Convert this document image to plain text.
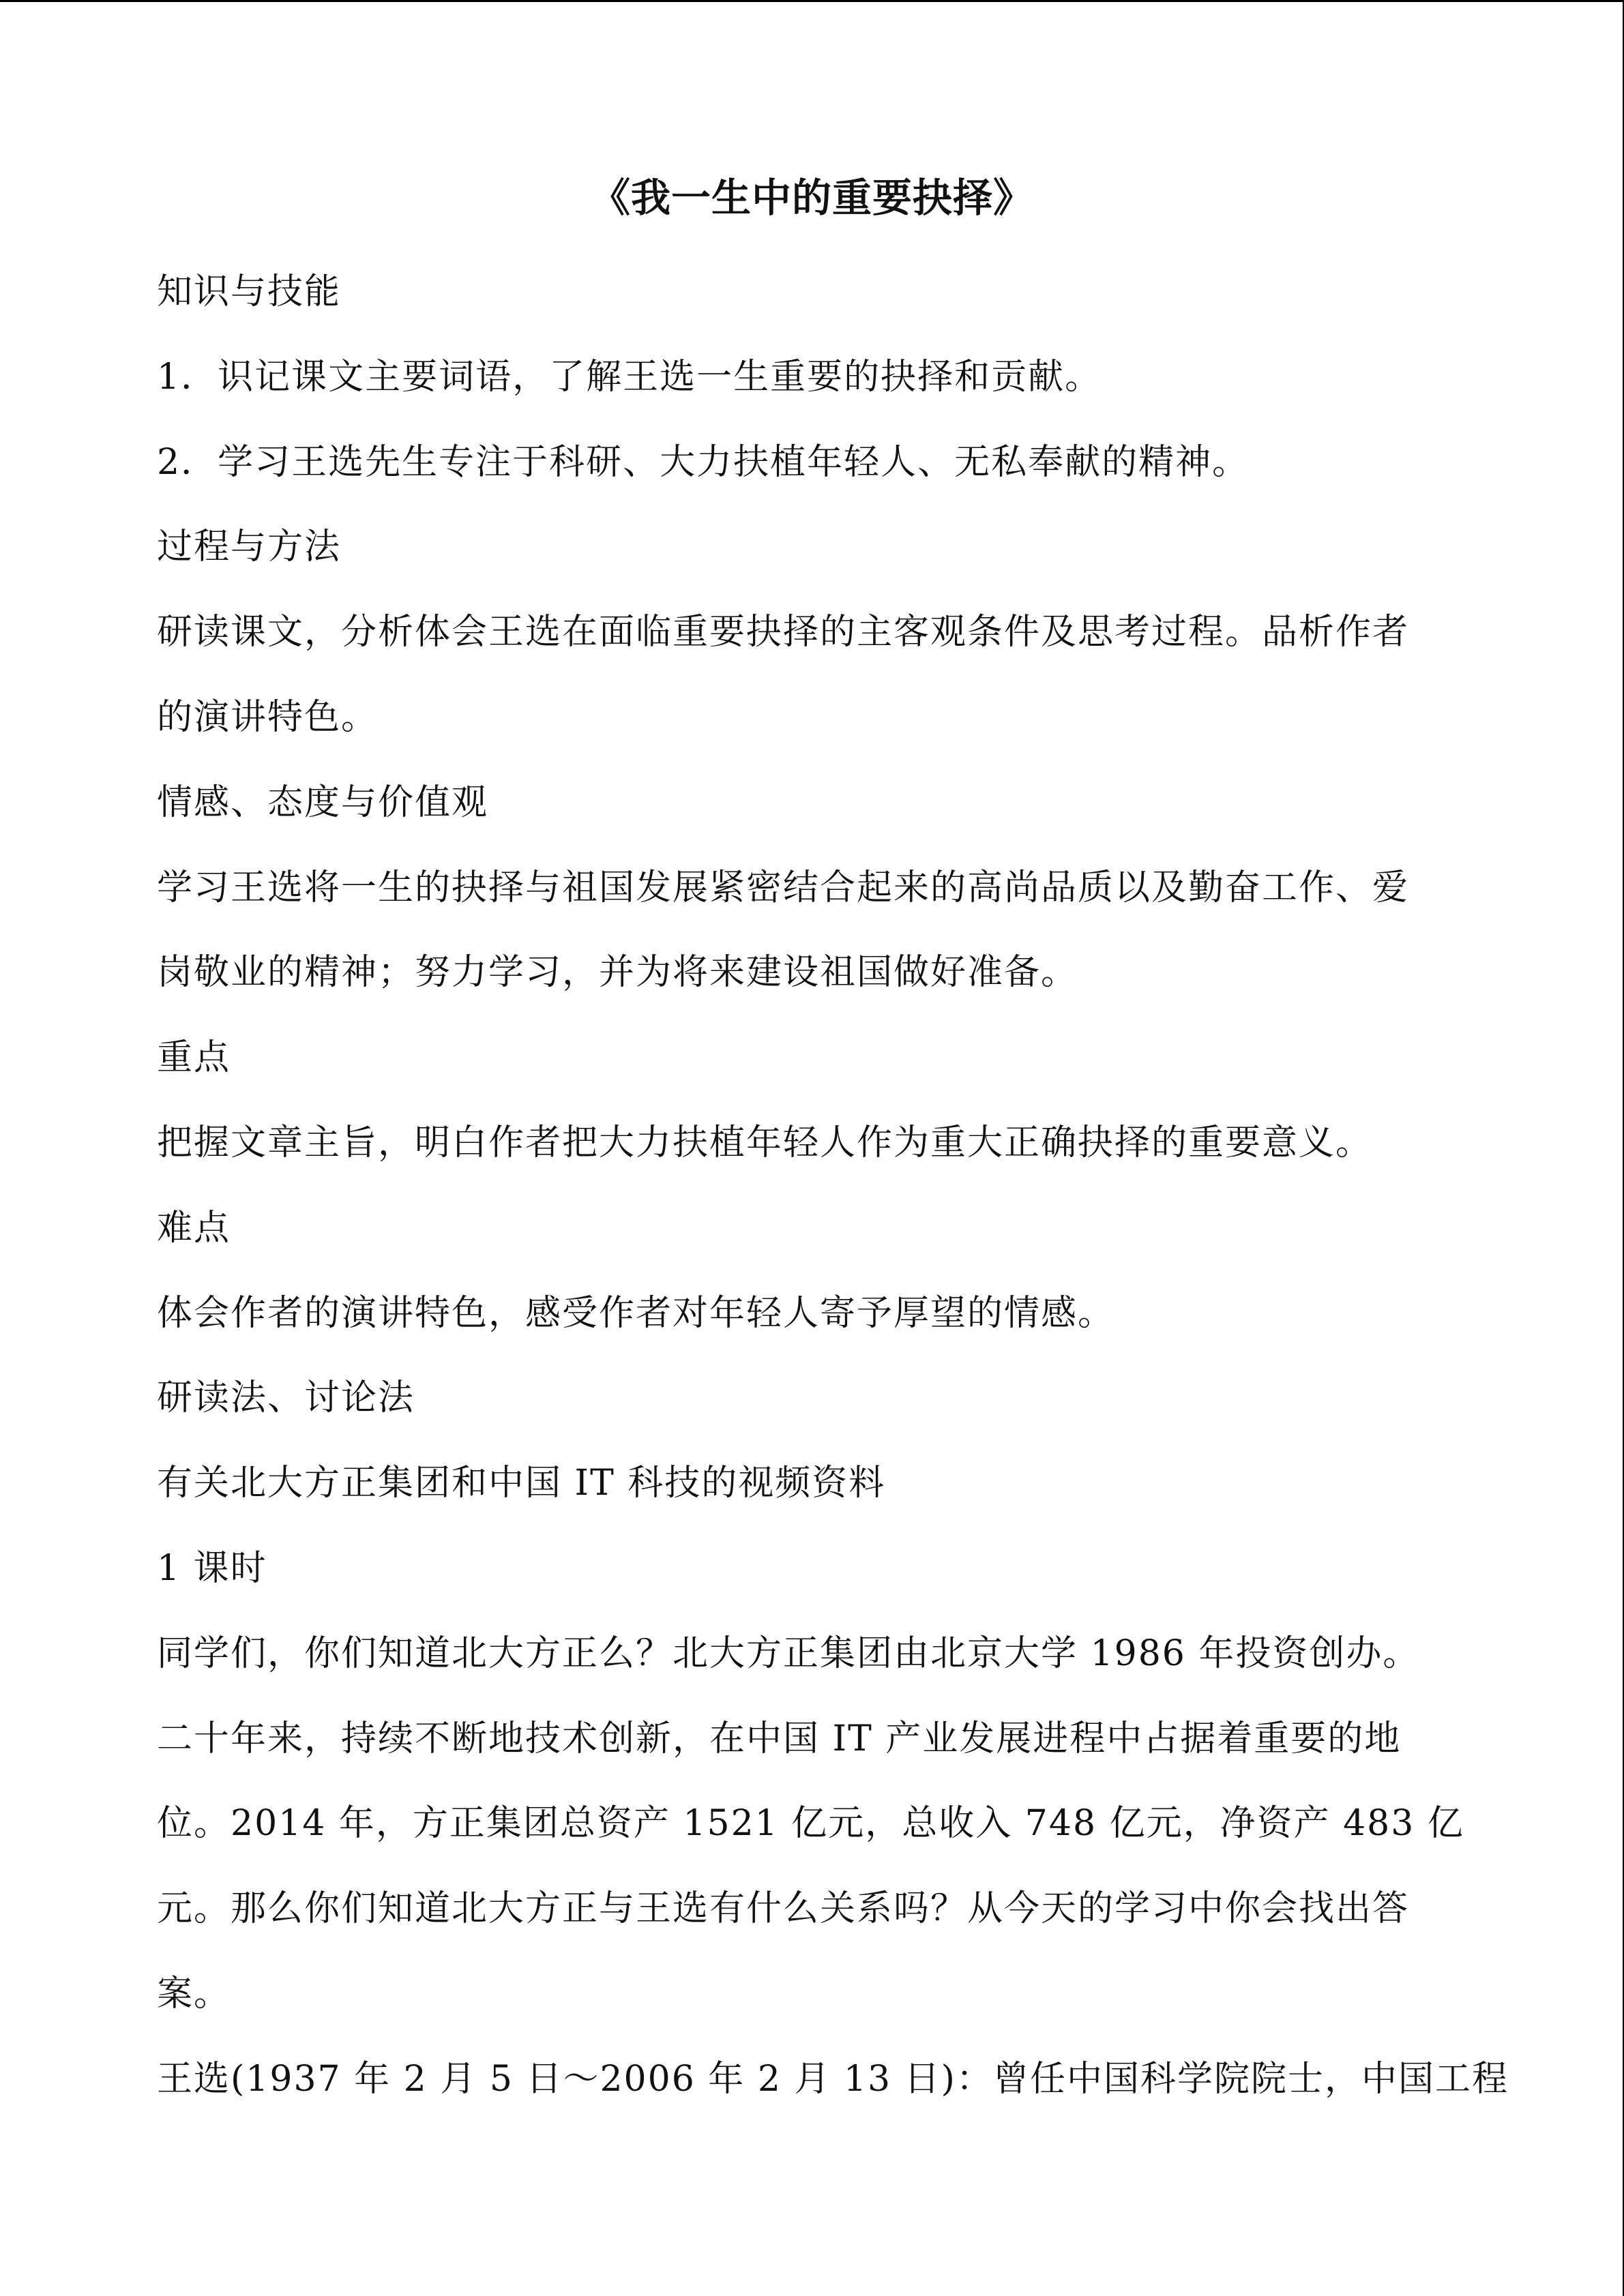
《我一生中的重要抉择》
知识与技能
1．识记课文主要词语，了解王选一生重要的抉择和贡献。
2．学习王选先生专注于科研、大力扶植年轻人、无私奉献的精神。
过程与方法
研读课文，分析体会王选在面临重要抉择的主客观条件及思考过程。品析作者
的演讲特色。
情感、态度与价值观
学习王选将一生的抉择与祖国发展紧密结合起来的高尚品质以及勤奋工作、爱
岗敬业的精神；努力学习，并为将来建设祖国做好准备。
重点
把握文章主旨，明白作者把大力扶植年轻人作为重大正确抉择的重要意义。
难点
体会作者的演讲特色，感受作者对年轻人寄予厚望的情感。
研读法、讨论法
有关北大方正集团和中国 IT 科技的视频资料
1 课时
同学们，你们知道北大方正么？北大方正集团由北京大学 1986 年投资创办。
二十年来，持续不断地技术创新，在中国 IT 产业发展进程中占据着重要的地
位。2014 年，方正集团总资产 1521 亿元，总收入 748 亿元，净资产 483 亿
元。那么你们知道北大方正与王选有什么关系吗？从今天的学习中你会找出答
案。
王选(1937 年 2 月 5 日～2006 年 2 月 13 日)：曾任中国科学院院士，中国工程
